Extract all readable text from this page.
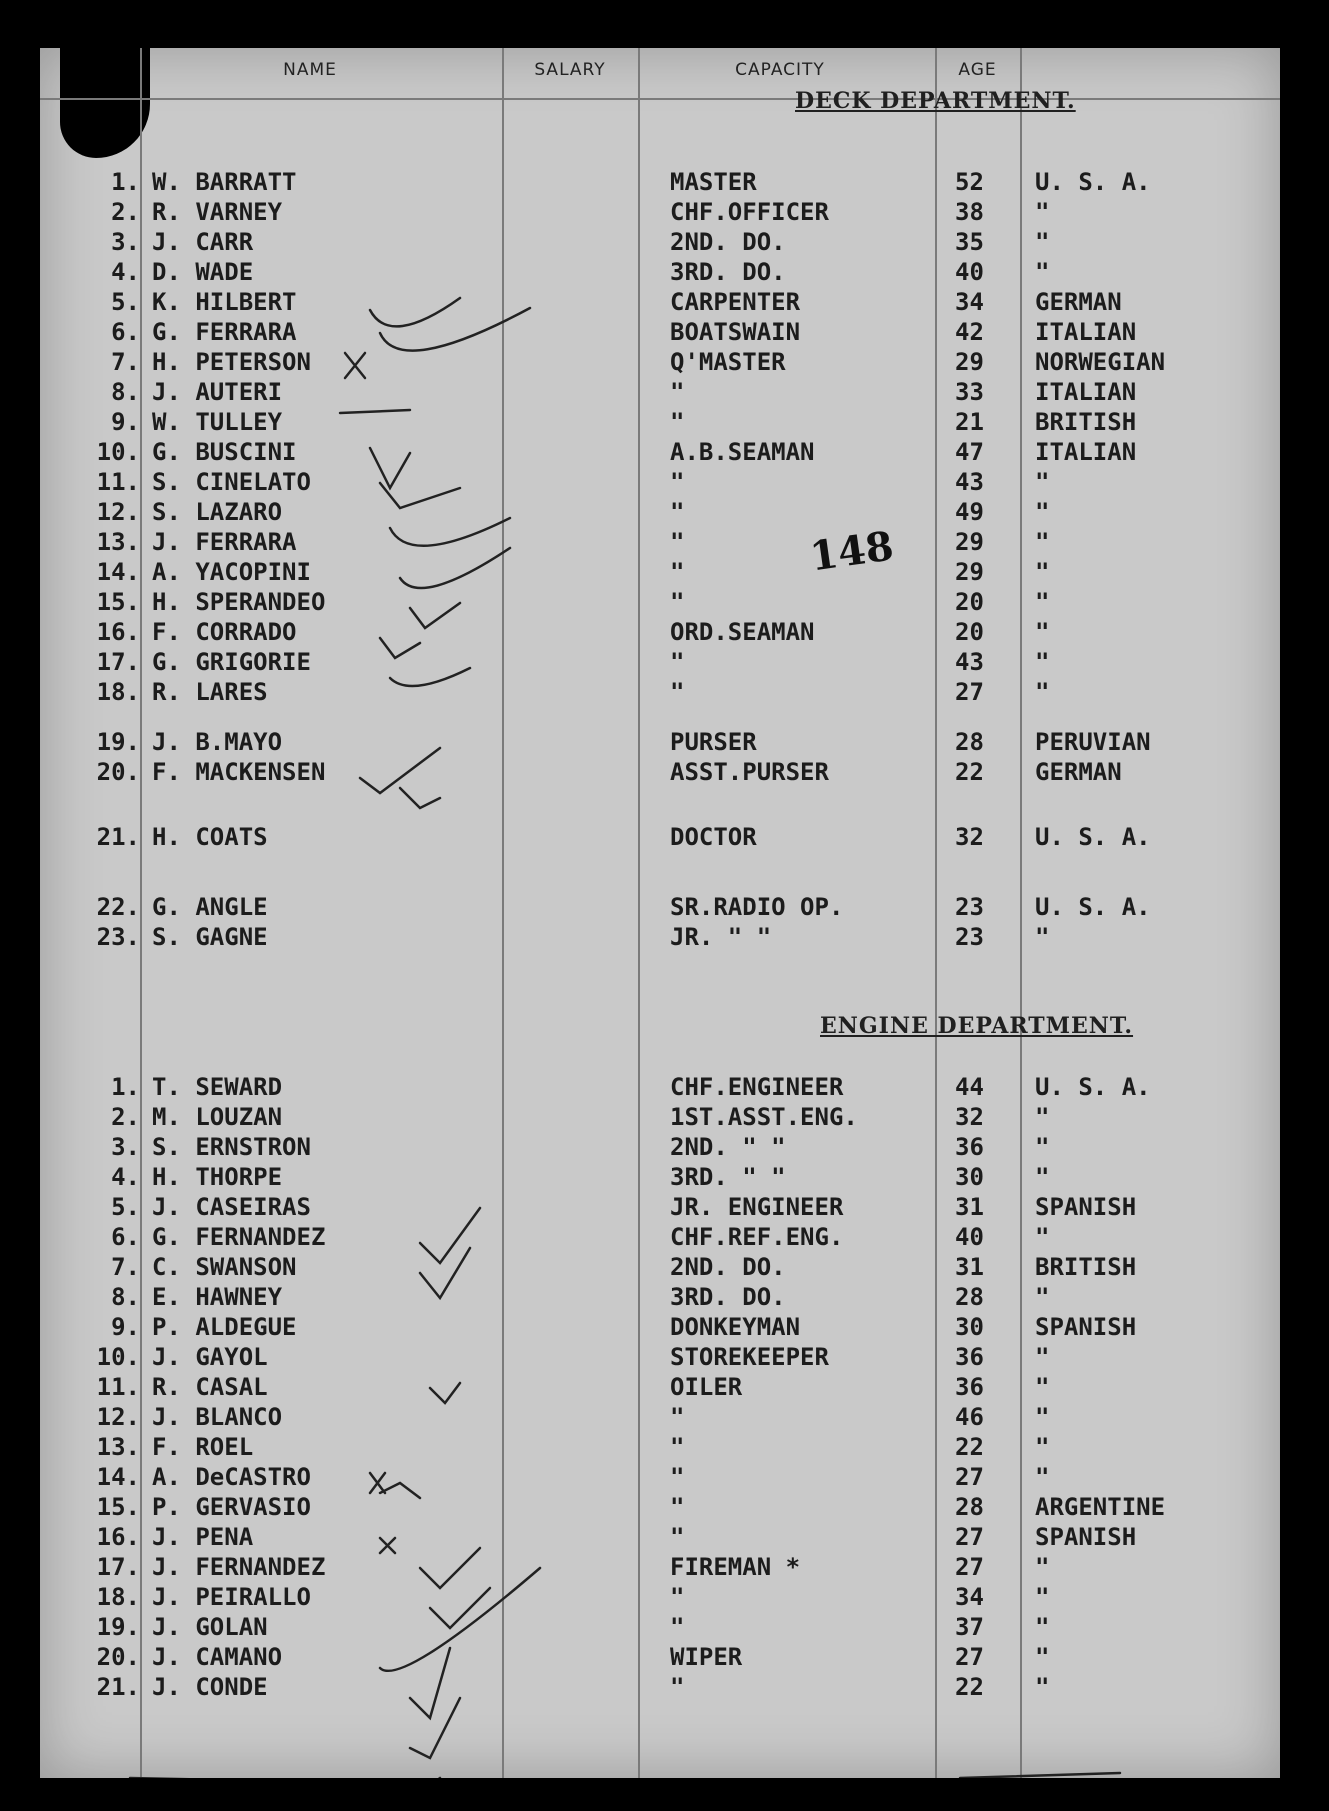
NAME	SALARY	CAPACITY	AGE
DECK DEPARTMENT.
ENGINE DEPARTMENT.
1. W. BARRATT	MASTER	52 U. S. A.
2. R. VARNEY	CHF.OFFICER	38 "
3. J. CARR	2ND. DO.	35 "
4. D. WADE	3RD. DO.	40 "
5. K. HILBERT	CARPENTER	34 GERMAN
6. G. FERRARA	BOATSWAIN	42 ITALIAN
7. H. PETERSON	Q'MASTER	29 NORWEGIAN
8. J. AUTERI	"	33 ITALIAN
9. W. TULLEY	"	21 BRITISH
10. G. BUSCINI	A.B.SEAMAN	47 ITALIAN
11. S. CINELATO	"	43 "
12. S. LAZARO	"	49 "
13. J. FERRARA	"	29 "
14. A. YACOPINI	"	29 "
15. H. SPERANDEO	"	20 "
16. F. CORRADO	ORD.SEAMAN	20 "
17. G. GRIGORIE	"	43 "
18. R. LARES	"	27 "
19. J. B.MAYO	PURSER	28 PERUVIAN
20. F. MACKENSEN	ASST.PURSER	22 GERMAN
21. H. COATS	DOCTOR	32 U. S. A.
22. G. ANGLE	SR.RADIO OP.	23 U. S. A.
23. S. GAGNE	JR. " "	23 "
1. T. SEWARD	CHF.ENGINEER	44 U. S. A.
2. M. LOUZAN	1ST.ASST.ENG.	32 "
3. S. ERNSTRON	2ND. " "	36 "
4. H. THORPE	3RD. " "	30 "
5. J. CASEIRAS	JR. ENGINEER	31 SPANISH
6. G. FERNANDEZ	CHF.REF.ENG.	40 "
7. C. SWANSON	2ND. DO.	31 BRITISH
8. E. HAWNEY	3RD. DO.	28 "
9. P. ALDEGUE	DONKEYMAN	30 SPANISH
10. J. GAYOL	STOREKEEPER	36 "
11. R. CASAL	OILER	36 "
12. J. BLANCO	"	46 "
13. F. ROEL	"	22 "
14. A. DeCASTRO	"	27 "
15. P. GERVASIO	"	28 ARGENTINE
16. J. PENA	"	27 SPANISH
17. J. FERNANDEZ	FIREMAN *	27 "
18. J. PEIRALLO	"	34 "
19. J. GOLAN	"	37 "
20. J. CAMANO	WIPER	27 "
21. J. CONDE	"	22 "
148
